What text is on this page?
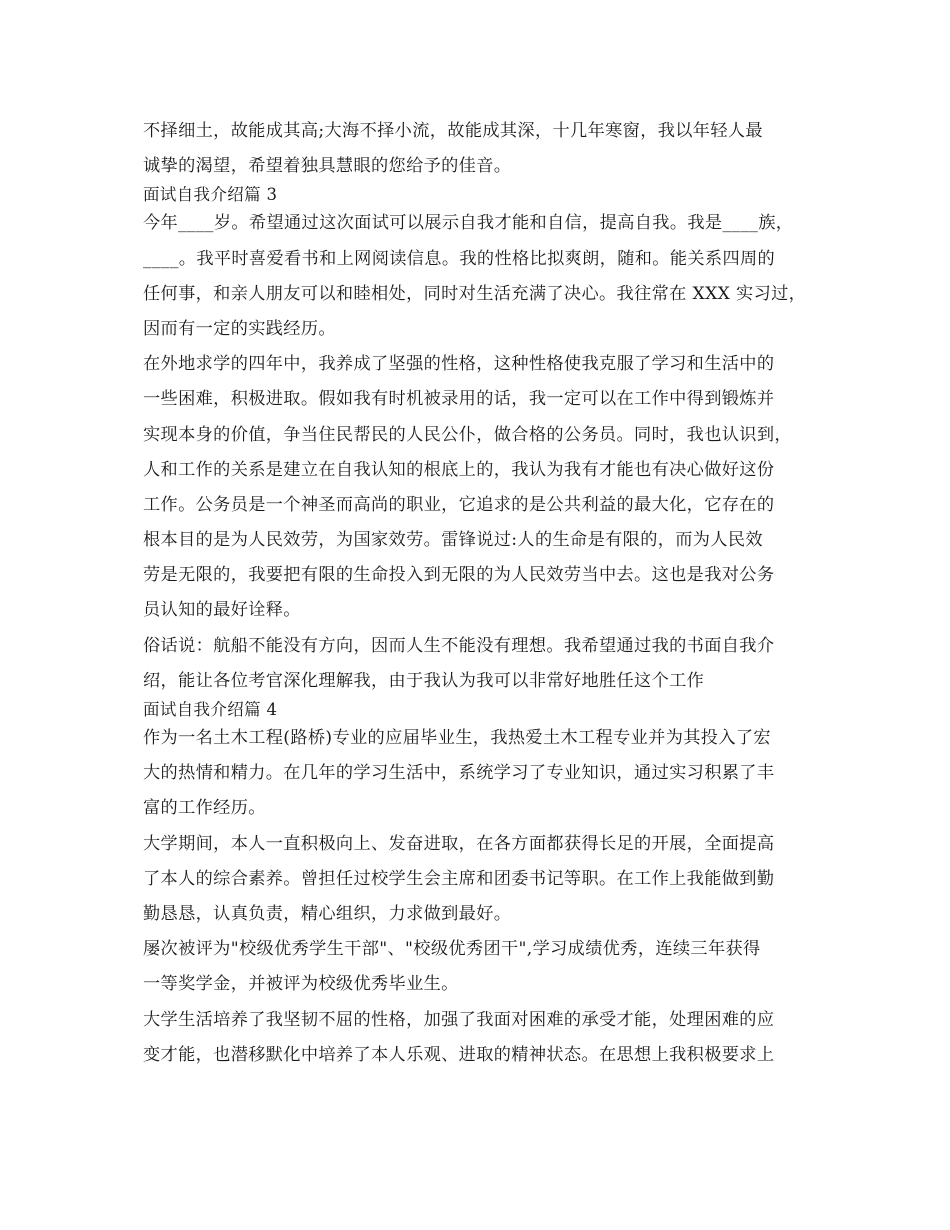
不择细土，故能成其高;大海不择小流，故能成其深，十几年寒窗，我以年轻人最
诚挚的渴望，希望着独具慧眼的您给予的佳音。
面试自我介绍篇 3
今年____岁。希望通过这次面试可以展示自我才能和自信，提高自我。我是____族，
____。我平时喜爱看书和上网阅读信息。我的性格比拟爽朗，随和。能关系四周的
任何事，和亲人朋友可以和睦相处，同时对生活充满了决心。我往常在 XXX 实习过，
因而有一定的实践经历。
在外地求学的四年中，我养成了坚强的性格，这种性格使我克服了学习和生活中的
一些困难，积极进取。假如我有时机被录用的话，我一定可以在工作中得到锻炼并
实现本身的价值，争当住民帮民的人民公仆，做合格的公务员。同时，我也认识到，
人和工作的关系是建立在自我认知的根底上的，我认为我有才能也有决心做好这份
工作。公务员是一个神圣而高尚的职业，它追求的是公共利益的最大化，它存在的
根本目的是为人民效劳，为国家效劳。雷锋说过:人的生命是有限的，而为人民效
劳是无限的，我要把有限的生命投入到无限的为人民效劳当中去。这也是我对公务
员认知的最好诠释。
俗话说：航船不能没有方向，因而人生不能没有理想。我希望通过我的书面自我介
绍，能让各位考官深化理解我，由于我认为我可以非常好地胜任这个工作
面试自我介绍篇 4
作为一名土木工程(路桥)专业的应届毕业生，我热爱土木工程专业并为其投入了宏
大的热情和精力。在几年的学习生活中，系统学习了专业知识，通过实习积累了丰
富的工作经历。
大学期间，本人一直积极向上、发奋进取，在各方面都获得长足的开展，全面提高
了本人的综合素养。曾担任过校学生会主席和团委书记等职。在工作上我能做到勤
勤恳恳，认真负责，精心组织，力求做到最好。
屡次被评为"校级优秀学生干部"、"校级优秀团干",学习成绩优秀，连续三年获得
一等奖学金，并被评为校级优秀毕业生。
大学生活培养了我坚韧不屈的性格，加强了我面对困难的承受才能，处理困难的应
变才能，也潜移默化中培养了本人乐观、进取的精神状态。在思想上我积极要求上
